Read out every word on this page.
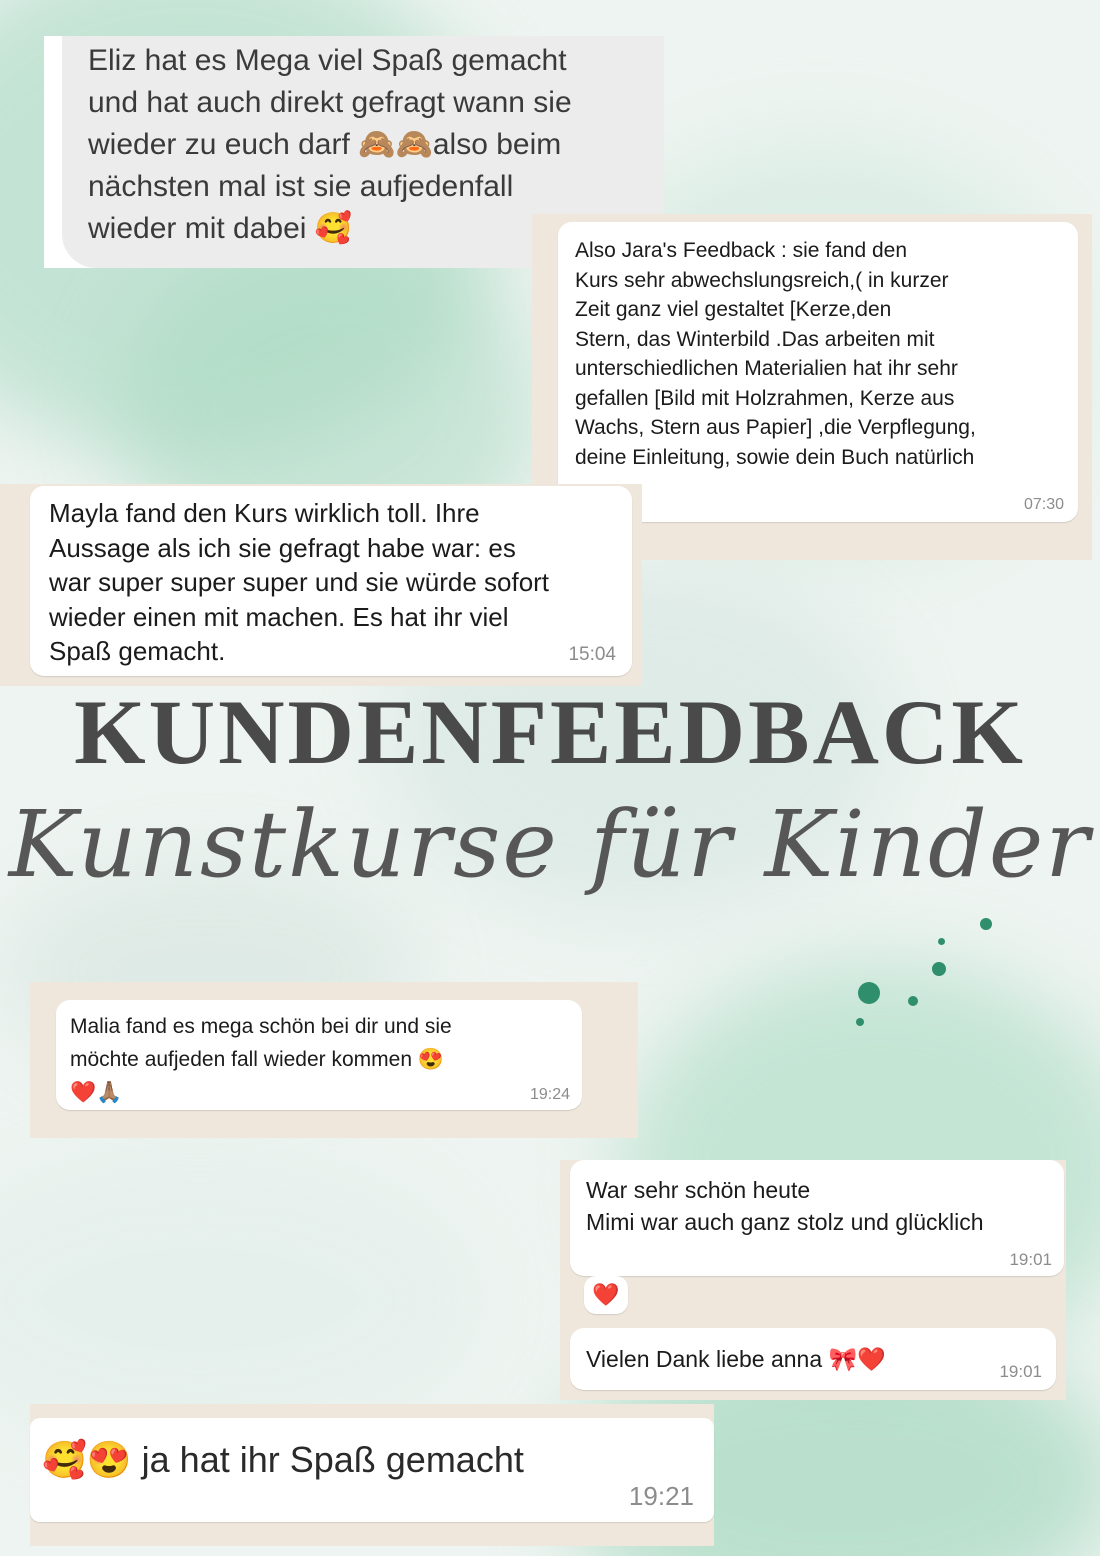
Eliz hat es Mega viel Spaß gemacht
und hat auch direkt gefragt wann sie
wieder zu euch darf 🙈🙈also beim
nächsten mal ist sie aufjedenfall
wieder mit dabei 🥰
Also Jara's Feedback : sie fand den
Kurs sehr abwechslungsreich,( in kurzer
Zeit ganz viel gestaltet [Kerze,den
Stern, das Winterbild .Das arbeiten mit
unterschiedlichen Materialien hat ihr sehr
gefallen [Bild mit Holzrahmen, Kerze aus
Wachs, Stern aus Papier] ,die Verpflegung,
deine Einleitung, sowie dein Buch natürlich
07:30
Mayla fand den Kurs wirklich toll. Ihre
Aussage als ich sie gefragt habe war: es
war super super super und sie würde sofort
wieder einen mit machen. Es hat ihr viel
Spaß gemacht.	15:04
KUNDENFEEDBACK
Kunstkurse für Kinder
Malia fand es mega schön bei dir und sie
möchte aufjeden fall wieder kommen 😍
❤️🙏🏽	19:24
War sehr schön heute
Mimi war auch ganz stolz und glücklich
19:01
❤️
Vielen Dank liebe anna 🎀❤️	19:01
🥰😍 ja hat ihr Spaß gemacht
19:21
